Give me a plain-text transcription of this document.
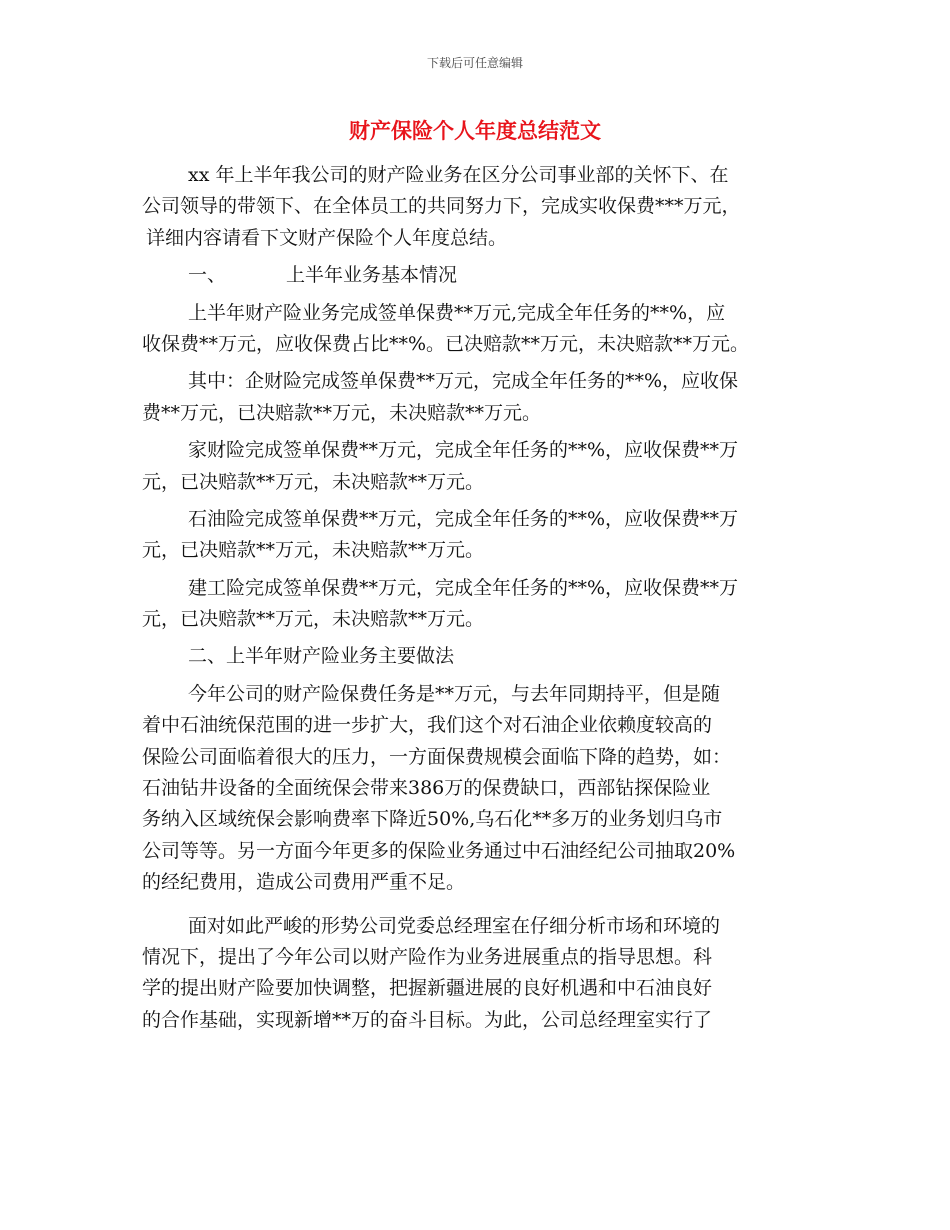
下载后可任意编辑
财产保险个人年度总结范文
xx 年上半年我公司的财产险业务在区分公司事业部的关怀下、在
公司领导的带领下、在全体员工的共同努力下，完成实收保费***万元，
详细内容请看下文财产保险个人年度总结。
一、	上半年业务基本情况
上半年财产险业务完成签单保费**万元,完成全年任务的**%，应
收保费**万元，应收保费占比**%。已决赔款**万元，未决赔款**万元。
其中：企财险完成签单保费**万元，完成全年任务的**%，应收保
费**万元，已决赔款**万元，未决赔款**万元。
家财险完成签单保费**万元，完成全年任务的**%，应收保费**万
元，已决赔款**万元，未决赔款**万元。
石油险完成签单保费**万元，完成全年任务的**%，应收保费**万
元，已决赔款**万元，未决赔款**万元。
建工险完成签单保费**万元，完成全年任务的**%，应收保费**万
元，已决赔款**万元，未决赔款**万元。
二、上半年财产险业务主要做法
今年公司的财产险保费任务是**万元，与去年同期持平，但是随
着中石油统保范围的进一步扩大，我们这个对石油企业依赖度较高的
保险公司面临着很大的压力，一方面保费规模会面临下降的趋势，如：
石油钻井设备的全面统保会带来386万的保费缺口，西部钻探保险业
务纳入区域统保会影响费率下降近50%,乌石化**多万的业务划归乌市
公司等等。另一方面今年更多的保险业务通过中石油经纪公司抽取20%
的经纪费用，造成公司费用严重不足。
面对如此严峻的形势公司党委总经理室在仔细分析市场和环境的
情况下，提出了今年公司以财产险作为业务进展重点的指导思想。科
学的提出财产险要加快调整，把握新疆进展的良好机遇和中石油良好
的合作基础，实现新增**万的奋斗目标。为此，公司总经理室实行了
